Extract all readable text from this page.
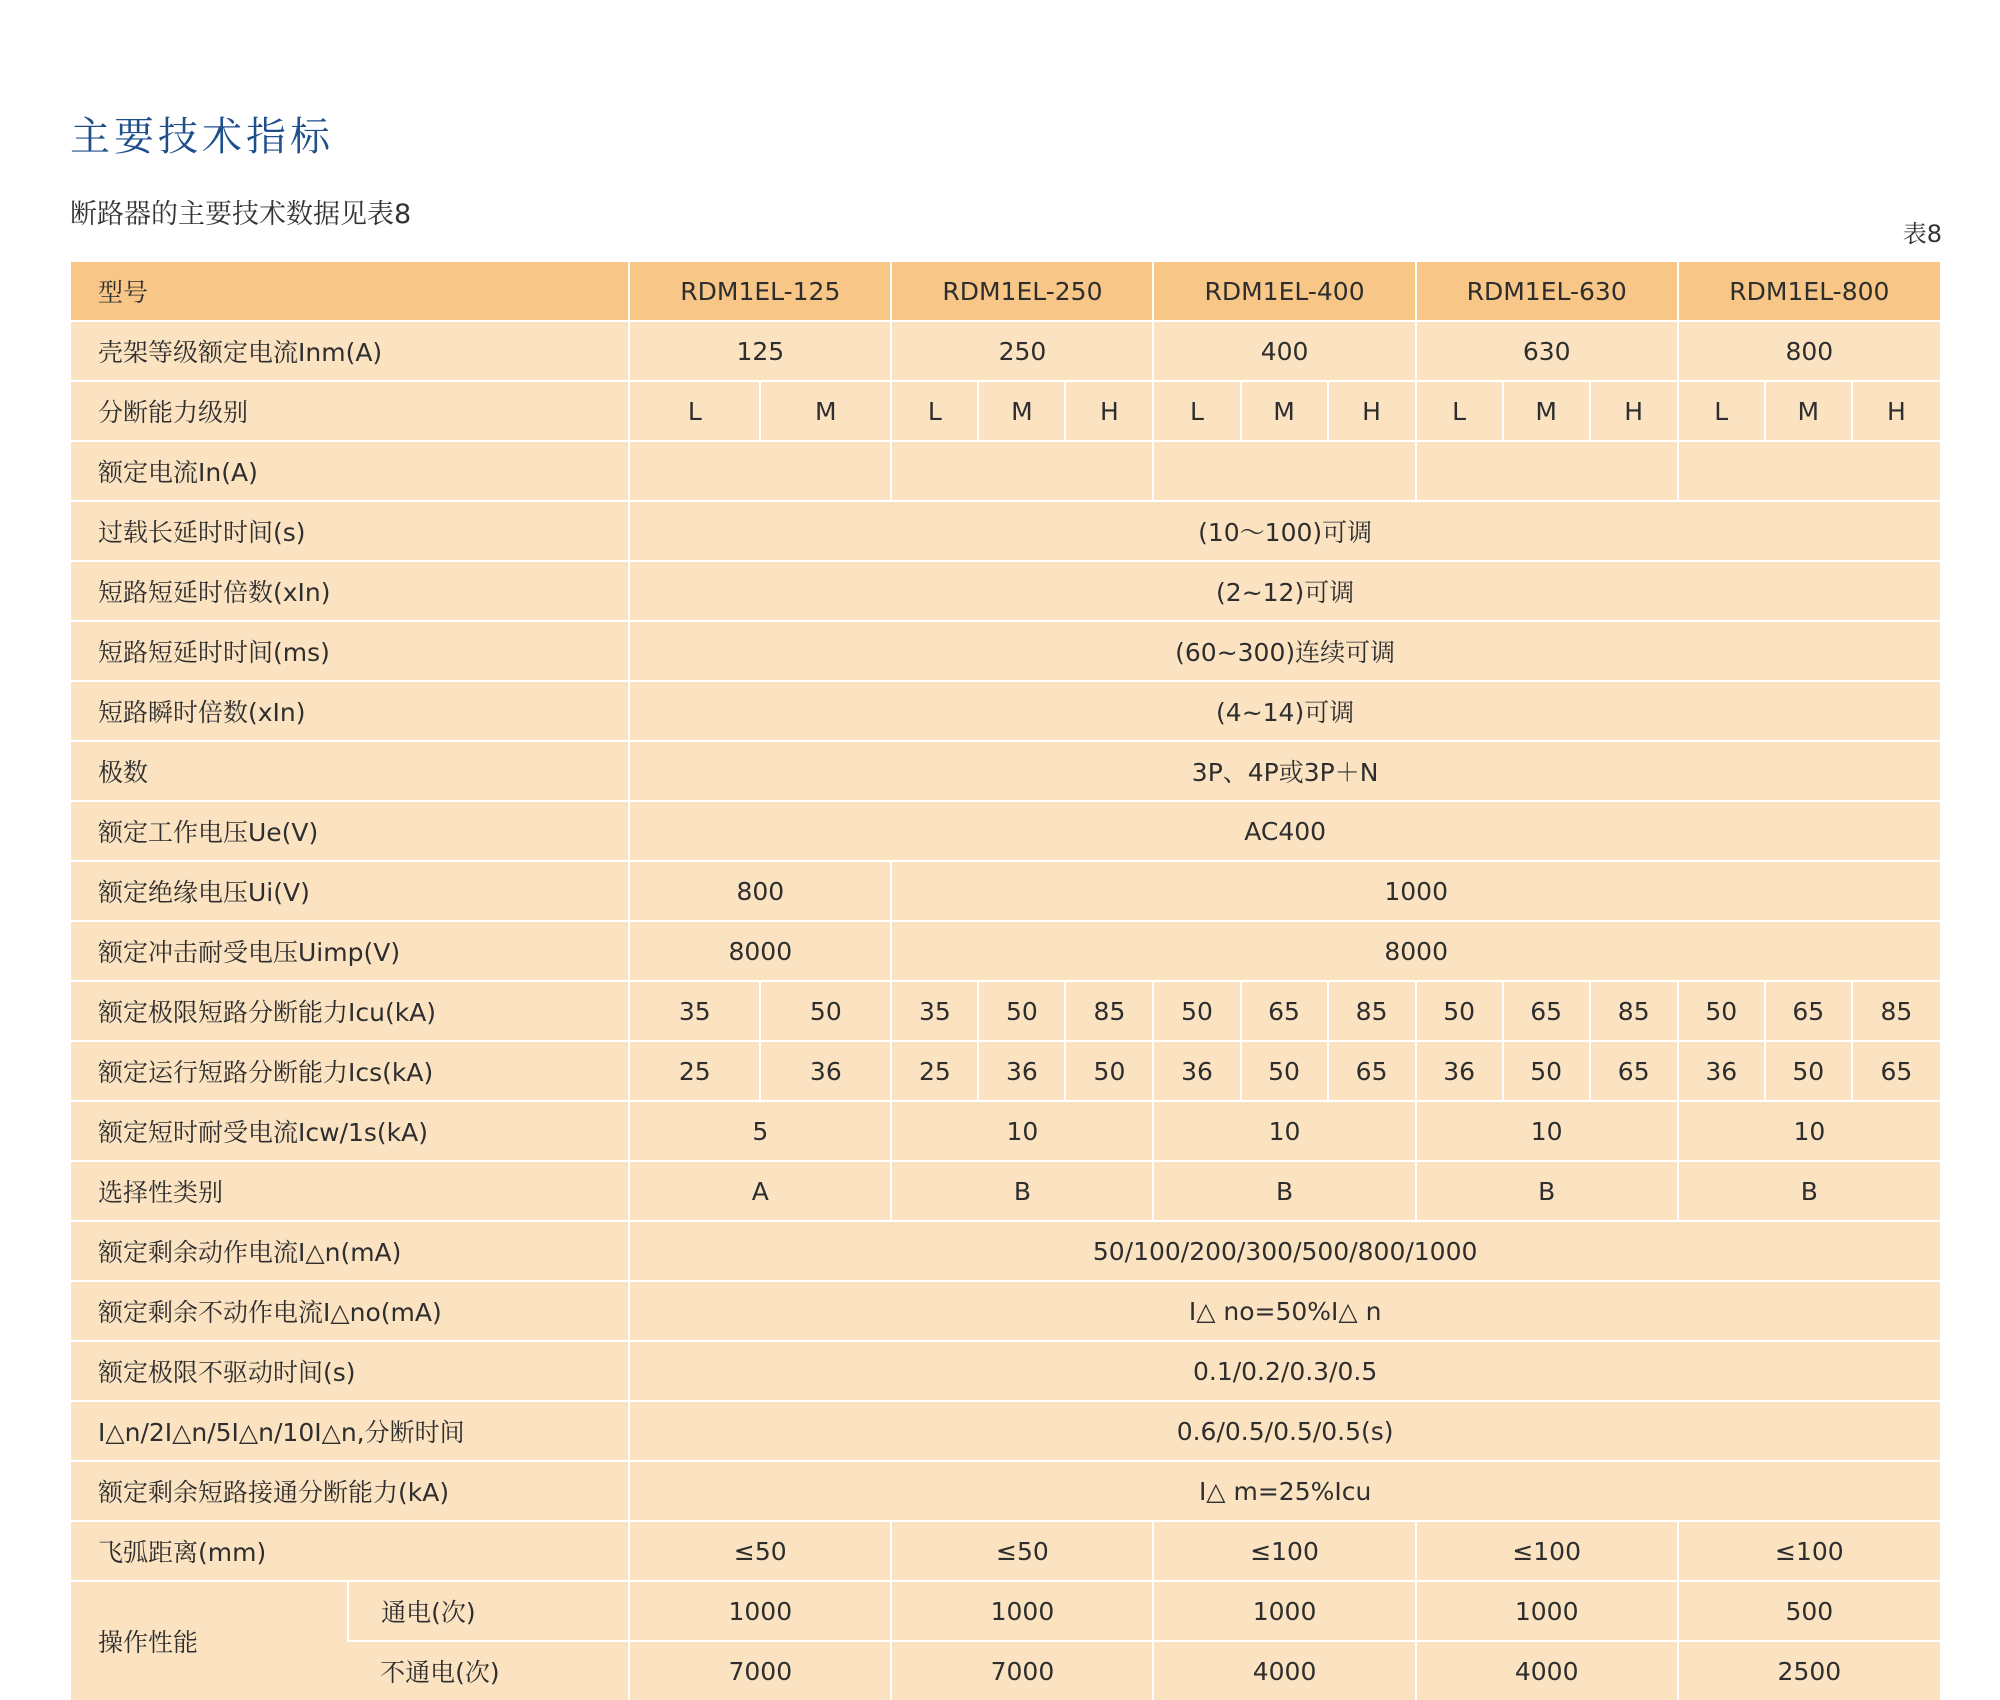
主要技术指标
断路器的主要技术数据见表8
表8
型号		RDM1EL-125		RDM1EL-250			RDM1EL-400			RDM1EL-630			RDM1EL-800		
壳架等级额定电流Inm(A)		125		250			400			630			800		
分断能力级别		L	M	L	M	H	L	M	H	L	M	H	L	M	H
额定电流In(A)															
过载长延时时间(s)		(10～100)可调													
短路短延时倍数(xIn)		(2~12)可调													
短路短延时时间(ms)		(60~300)连续可调													
短路瞬时倍数(xIn)		(4~14)可调													
极数		3P、4P或3P＋N													
额定工作电压Ue(V)		AC400													
额定绝缘电压Ui(V)		800		1000											
额定冲击耐受电压Uimp(V)		8000		8000											
额定极限短路分断能力Icu(kA)		35	50	35	50	85	50	65	85	50	65	85	50	65	85
额定运行短路分断能力Ics(kA)		25	36	25	36	50	36	50	65	36	50	65	36	50	65
额定短时耐受电流Icw/1s(kA)		5		10			10			10			10		
选择性类别		A		B			B			B			B		
额定剩余动作电流I△n(mA)		50/100/200/300/500/800/1000													
额定剩余不动作电流I△no(mA)		I△ no=50%I△ n													
额定极限不驱动时间(s)		0.1/0.2/0.3/0.5													
I△n/2I△n/5I△n/10I△n,分断时间		0.6/0.5/0.5/0.5(s)													
额定剩余短路接通分断能力(kA)		I△ m=25%Icu													
飞弧距离(mm)		≤50		≤50			≤100			≤100			≤100		
操作性能	通电(次)	1000		1000			1000			1000			500		
	不通电(次)	7000		7000			4000			4000			2500		
